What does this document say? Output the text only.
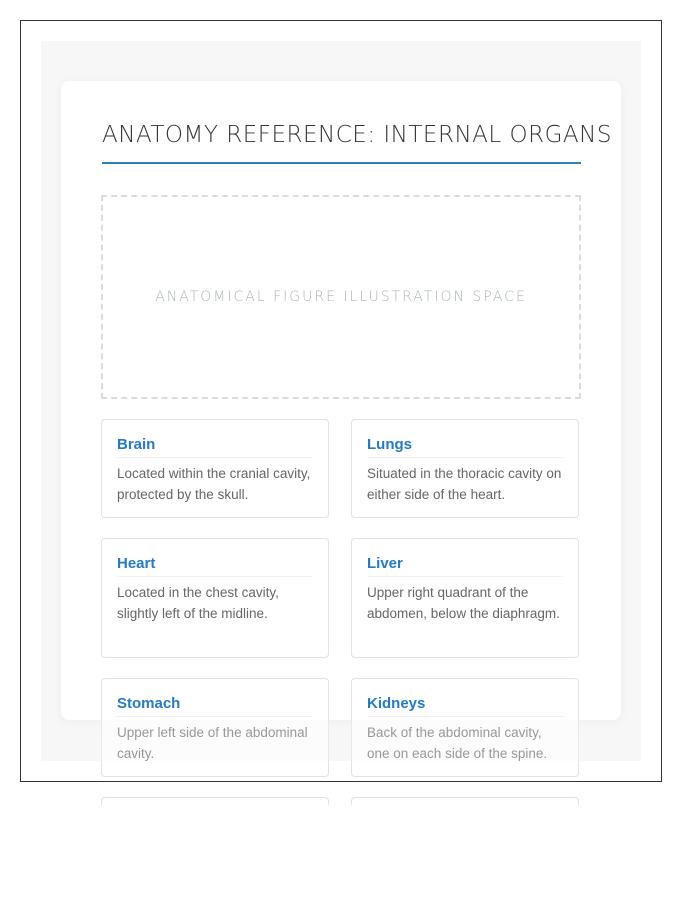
ANATOMY REFERENCE: INTERNAL ORGANS
ANATOMICAL FIGURE ILLUSTRATION SPACE
Brain

Located within the cranial cavity, protected by the skull.

Lungs

Situated in the thoracic cavity on either side of the heart.

Heart

Located in the chest cavity, slightly left of the midline.

Liver

Upper right quadrant of the abdomen, below the diaphragm.

Stomach

Upper left side of the abdominal cavity.

Kidneys

Back of the abdominal cavity, one on each side of the spine.
